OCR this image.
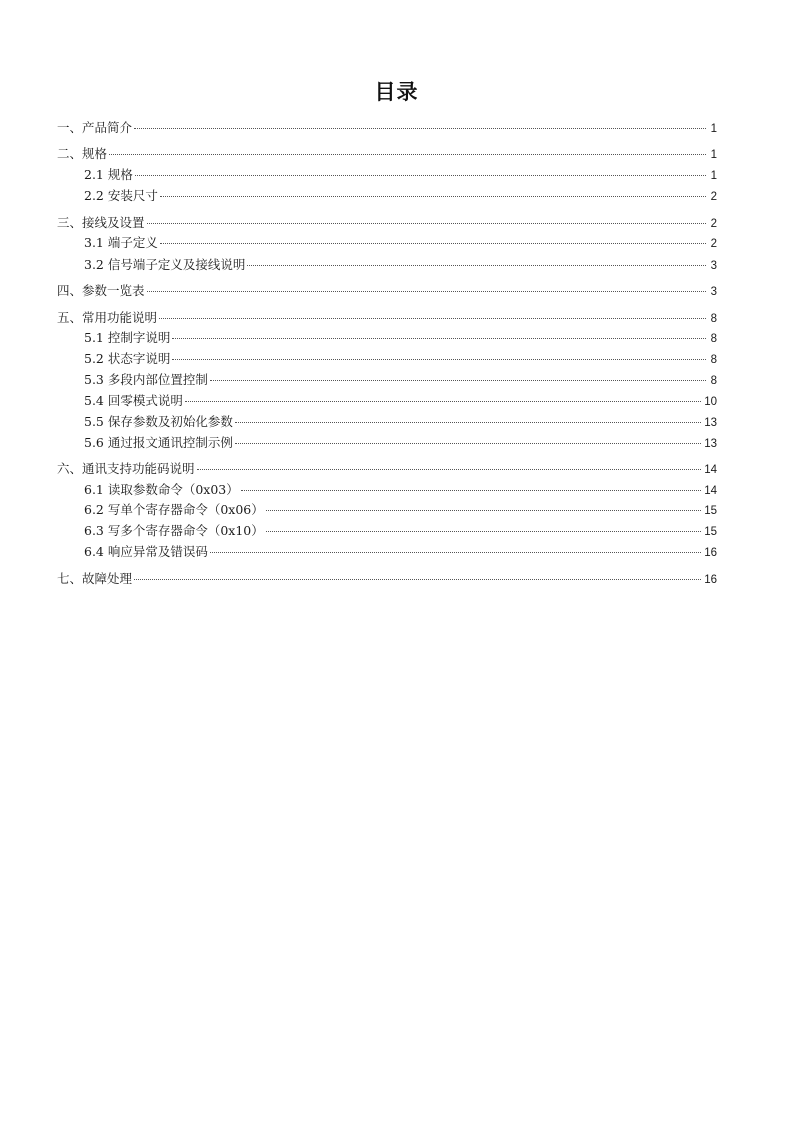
目录
一、产品简介	1
二、规格	1
2.1 规格	1
2.2 安装尺寸	2
三、接线及设置	2
3.1 端子定义	2
3.2 信号端子定义及接线说明	3
四、参数一览表	3
五、常用功能说明	8
5.1 控制字说明	8
5.2 状态字说明	8
5.3 多段内部位置控制	8
5.4 回零模式说明	10
5.5 保存参数及初始化参数	13
5.6 通过报文通讯控制示例	13
六、通讯支持功能码说明	14
6.1 读取参数命令（0x03）	14
6.2 写单个寄存器命令（0x06）	15
6.3 写多个寄存器命令（0x10）	15
6.4 响应异常及错误码	16
七、故障处理	16
